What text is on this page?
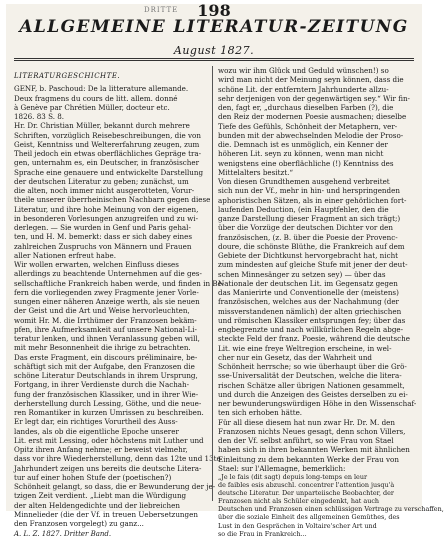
DRITTE 198
ALLGEMEINE LITERATUR-ZEITUNG
August 1827.
LITERATURGESCHICHTE.
GENF, b. Paschoud: De la litterature allemande.
Deux fragmens du cours de litt. allem. donné
à Genève par Chrétien Müller, docteur etc.
1826. 83 S. 8.
Hr. Dr. Christian Müller, bekannt durch mehrere
Schriften, vorzüglich Reisebeschreibungen, die von
Geist, Kenntniss und Weltererfahrung zeugen, zum
Theil jedoch ein etwas oberflächliches Gepräge tra-
gen, unternahm es, ein Deutscher, in französischer
Sprache eine genauere und entwickelte Darstellung
der deutschen Literatur zu geben; zunächst, um
die alten, noch immer nicht ausgerotteten, Vorur-
theile unserer überrheinischen Nachbarn gegen diese
Literatur, und ihre hohe Meinung von der eigenen,
in besonderen Vorlesungen anzugreifen und zu wi-
derlegen. — Sie wurden in Genf und Paris gehal-
ten, und H. M. bemerkt: dass er sich dabey eines
zahlreichen Zuspruchs von Männern und Frauen
aller Nationen erfreut habe.
Wir wollen erwarten, welchen Einfluss dieses
allerdings zu beachtende Unternehmen auf die ges-
sellschaftliche Frankreich haben werde, und finden in Be-
fern die vorliegenden zwey Fragmente jener Vorle-
sungen einer näheren Anzeige werth, als sie neuen
der Geist und die Art und Weise hervorleuchten,
womit Hr. M. die Irrthümer der Franzosen bekäm-
pfen, ihre Aufmerksamkeit auf unsere National-Li-
teratur lenken, und ihnen Veranlassung geben will,
mit mehr Besonnenheit die ihrige zu betrachten.
Das erste Fragment, ein discours préliminaire, be-
schäftigt sich mit der Aufgabe, den Franzosen die
schöne Literatur Deutschlands in ihrem Ursprung,
Fortgang, in ihrer Verdienste durch die Nachah-
fung der französischen Klassiker, und in ihrer Wie-
derherstellung durch Lessing, Göthe, und die neue-
ren Romantiker in kurzen Umrissen zu beschreiben.
Er legt dar, ein richtiges Vorurtheil des Auss-
landes, als ob die eigentliche Epoche unserer
Lit. erst mit Lessing, oder höchstens mit Luther und
Opitz ihren Anfang nehme; er beweist vielmehr,
dass vor ihre Wiederherstellung, denn das 12te und 13te
Jahrhundert zeigen uns bereits die deutsche Litera-
tur auf einer hohen Stufe der (poetischen?)
Schönheit gelangt, so dass, die er Bewunderung der je-
tzigen Zeit verdient. „Liebt man die Würdigung
der alten Heldengedichte und der liebreichen
Minnelieder (die der Vf. in treuen Uebersetzungen
den Franzosen vorgelegt) zu ganz...
A. L. Z. 1827. Dritter Band.
wozu wir ihm Glück und Geduld wünschen!) so
wird man nicht der Meinung seyn können, dass die
schöne Lit. der entferntern Jahrhunderte allzu-
sehr derjenigen von der gegenwärtigen sey.“ Wir fin-
den, fagt er, „durchaus dieselben Farben (?), die
den Reiz der modernen Poesie ausmachen; dieselbe
Tiefe des Gefühls, Schönheit der Metaphern, ver-
bunden mit der abwechselnden Melodie der Proso-
die. Demnach ist es unmöglich, ein Kenner der
höheren Lit. seyn zu können, wenn man nicht
wenigstens eine oberflächliche (!) Kenntniss des
Mittelalters besitzt.“
Von diesen Grundthemen ausgehend verbreitet
sich nun der Vf., mehr in hin- und herspringenden
aphoristischen Sätzen, als in einer gehörlichen fort-
laufenden Deduction, (ein Hauptfehler, den die
ganze Darstellung dieser Fragment an sich trägt;)
über die Vorzüge der deutschen Dichter vor den
französischen, (z. B. über die Poesie der Provenc-
doure, die schönste Blüthe, die Frankreich auf dem
Gebiete der Dichtkunst hervorgebracht hat, nicht
zum mindesten auf gleiche Stufe mit jener der deut-
schen Minnesänger zu setzen sey) — über das
Nationale der deutschen Lit. im Gegensatz gegen
das Manierirte und Conventionelle der (meistens)
französischen, welches aus der Nachahmung (der
missverstandenen nämlich) der alten griechischen
und römischen Klassiker entsprungen fey; über das
engbegrenzte und nach willkürlichen Regeln abge-
steckte Feld der franz. Poesie, während die deutsche
Lit. wie eine freye Weltregion erscheine, in wel-
cher nur ein Gesetz, das der Wahrheit und
Schönheit herrsche; so wie überhaupt über die Grö-
sse-Universalität der Deutschen, welche die litera-
rischen Schätze aller übrigen Nationen gesammelt,
und durch die Anzeigen des Geistes derselben zu ei-
ner bewunderungswürdigen Höhe in den Wissenschaf-
ten sich erhoben hätte.
Für all diese diesem hat nun zwar Hr. Dr. M. den
Franzosen nichts Neues gesagt, denn schon Villers,
den der Vf. selbst anführt, so wie Frau von Stael
haben sich in ihren bekannten Werken mit ähnlichen
Einleitung zu dem bekannten Werke der Frau von
Stael: sur l'Allemagne, bemerklich:
„Je le fais (dit sagt) depuis long-temps en leur
de faibles esis abzuschl. concentrer l'attention jusqu'à
deutsche Literatur. Der unparteiische Beobachter, der
Franzosen nicht als Schüler eingedenkt, hat auch
Deutschen und Franzosen einen schlüssigen Vertrage zu verschaffen,
über die soziale Einheit des allgemeinen Gemüthes, des
Lust in den Gesprächen in Voltaire'scher Art und
so die Frau in Frankreich...
